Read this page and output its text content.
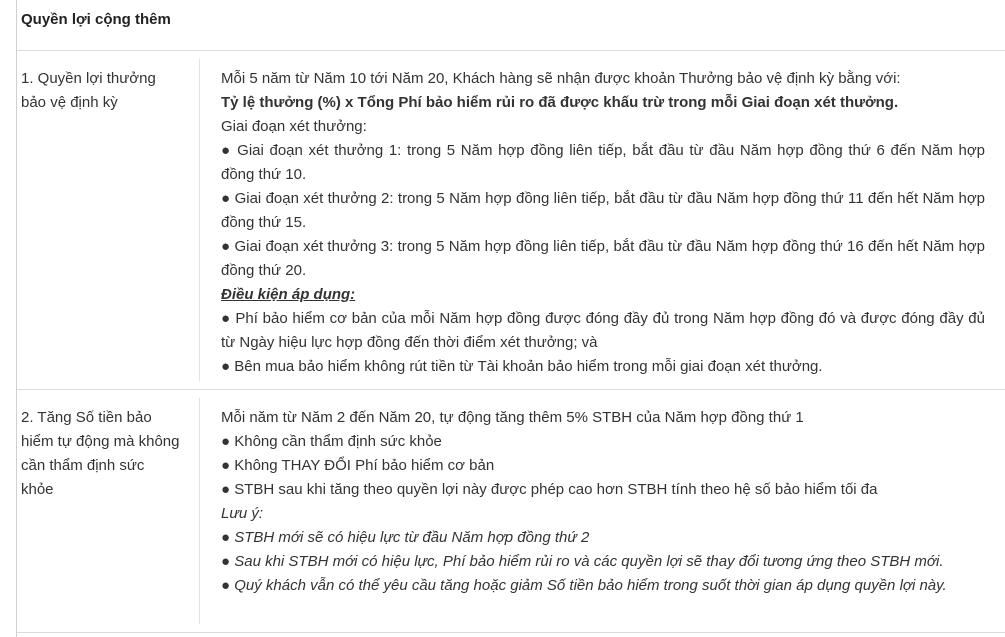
Quyền lợi cộng thêm
1. Quyền lợi thưởng bảo vệ định kỳ

Mỗi 5 năm từ Năm 10 tới Năm 20, Khách hàng sẽ nhận được khoản Thưởng bảo vệ định kỳ bằng với:

Tỷ lệ thưởng (%) x Tổng Phí bảo hiểm rủi ro đã được khấu trừ trong mỗi Giai đoạn xét thưởng.

Giai đoạn xét thưởng:

● Giai đoạn xét thưởng 1: trong 5 Năm hợp đồng liên tiếp, bắt đầu từ đầu Năm hợp đồng thứ 6 đến Năm hợp đồng thứ 10.

● Giai đoạn xét thưởng 2: trong 5 Năm hợp đồng liên tiếp, bắt đầu từ đầu Năm hợp đồng thứ 11 đến hết Năm hợp đồng thứ 15.

● Giai đoạn xét thưởng 3: trong 5 Năm hợp đồng liên tiếp, bắt đầu từ đầu Năm hợp đồng thứ 16 đến hết Năm hợp đồng thứ 20.

Điều kiện áp dụng:

● Phí bảo hiểm cơ bản của mỗi Năm hợp đồng được đóng đầy đủ trong Năm hợp đồng đó và được đóng đầy đủ từ Ngày hiệu lực hợp đồng đến thời điểm xét thưởng; và

● Bên mua bảo hiểm không rút tiền từ Tài khoản bảo hiểm trong mỗi giai đoạn xét thưởng.

2. Tăng Số tiền bảo hiểm tự động mà không cần thẩm định sức khỏe

Mỗi năm từ Năm 2 đến Năm 20, tự động tăng thêm 5% STBH của Năm hợp đồng thứ 1

● Không cần thẩm định sức khỏe

● Không THAY ĐỔI Phí bảo hiểm cơ bản

● STBH sau khi tăng theo quyền lợi này được phép cao hơn STBH tính theo hệ số bảo hiểm tối đa

Lưu ý:

● STBH mới sẽ có hiệu lực từ đầu Năm hợp đồng thứ 2

● Sau khi STBH mới có hiệu lực, Phí bảo hiểm rủi ro và các quyền lợi sẽ thay đổi tương ứng theo STBH mới.

● Quý khách vẫn có thể yêu cầu tăng hoặc giảm Số tiền bảo hiểm trong suốt thời gian áp dụng quyền lợi này.
